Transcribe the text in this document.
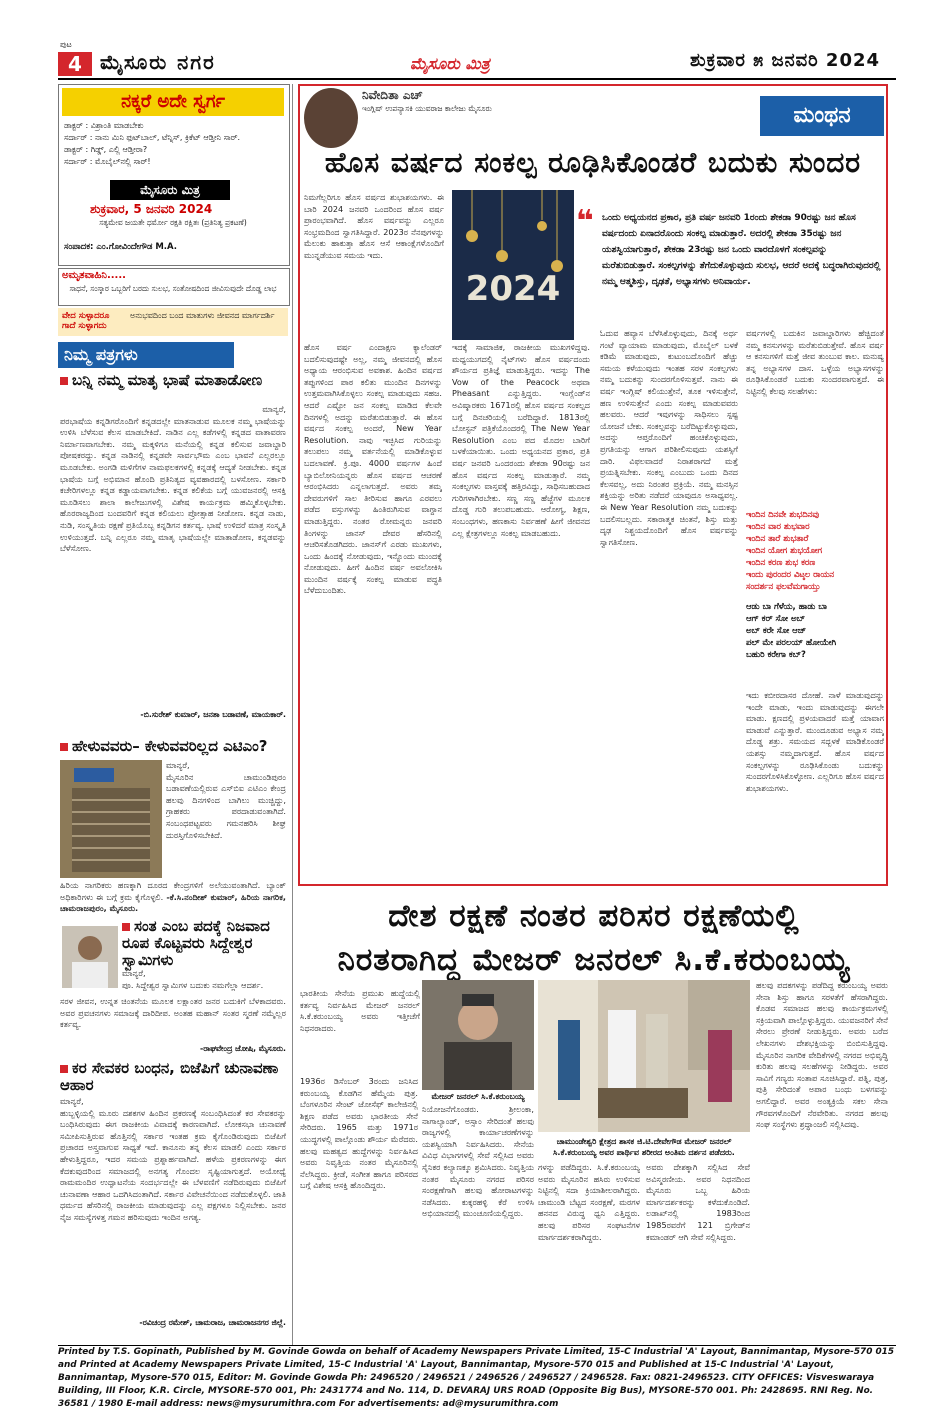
4
ಪುಟ
ಮೈಸೂರು ನಗರ	ಮೈಸೂರು ಮಿತ್ರ	ಶುಕ್ರವಾರ ೫ ಜನವರಿ 2024
ನಕ್ಕರೆ ಅದೇ ಸ್ವರ್ಗ
ಡಾಕ್ಟರ್ : ವಿಶ್ರಾಂತಿ ಮಾಡಬೇಕು
ಸರ್ದಾರ್ : ನಾನು ಮಿನಿ ಫುಟ್‌ಬಾಲ್, ಟೆನ್ನಿಸ್, ಕ್ರಿಕೆಟ್ ಆಡ್ತೀನಿ ಸಾರ್.
ಡಾಕ್ಟರ್ : ಗಿಡ್ಡ್, ಎಲ್ಲಿ ಆಡ್ತೀರಾ?
ಸರ್ದಾರ್ : ಮೊಬೈಲ್‌ನಲ್ಲಿ ಸಾರ್!
ಮೈಸೂರು ಮಿತ್ರ
ಶುಕ್ರವಾರ, 5 ಜನವರಿ 2024
ಸತ್ಯಮೇವ ಜಯತೇ ಧರ್ಮೋ ರಕ್ಷತಿ ರಕ್ಷಿತಃ (ಪ್ರತಿನಿತ್ಯ ಪ್ರಕಟಣೆ)
ಸಂಪಾದಕ: ಎಂ.ಗೋವಿಂದೇಗೌಡ M.A.
ಅಮೃತವಾಹಿನಿ.....
ಸಾಧನೆ, ಸಂಸ್ಕಾರ ಒಬ್ಬರಿಗೆ ಬರದು ಸುಲಭ, ಸಂತೋಷದಿಂದ ಜೀವಿಸುವುದೇ ದೊಡ್ಡ ಲಾಭ
ವೇದ ಸುಳ್ಳಾದರೂ ಗಾದೆ ಸುಳ್ಳಾಗದು
ಅನುಭವದಿಂದ ಬಂದ ಮಾತುಗಳು ಜೀವನದ ಮಾರ್ಗದರ್ಶಿ
ನಿಮ್ಮ ಪತ್ರಗಳು
ಬನ್ನಿ ನಮ್ಮ ಮಾತೃ ಭಾಷೆ ಮಾತಾಡೋಣ
ಮಾನ್ಯರೆ,
ಪರಭಾಷೆಯ ಕನ್ನಡಿಗರೊಂದಿಗೆ ಕನ್ನಡದಲ್ಲೇ ಮಾತನಾಡುವ ಮೂಲಕ ನಮ್ಮ ಭಾಷೆಯನ್ನು ಉಳಿಸಿ ಬೆಳೆಸುವ ಕೆಲಸ ಮಾಡಬೇಕಿದೆ. ನಾಡಿನ ಎಲ್ಲ ಕಡೆಗಳಲ್ಲಿ ಕನ್ನಡದ ವಾತಾವರಣ ನಿರ್ಮಾಣವಾಗಬೇಕು. ನಮ್ಮ ಮಕ್ಕಳಿಗೂ ಮನೆಯಲ್ಲಿ ಕನ್ನಡ ಕಲಿಸುವ ಜವಾಬ್ದಾರಿ ಪೋಷಕರದ್ದು. ಕನ್ನಡ ನಾಡಿನಲ್ಲಿ ಕನ್ನಡವೇ ಸಾರ್ವಭೌಮ ಎಂಬ ಭಾವನೆ ಎಲ್ಲರಲ್ಲೂ ಮೂಡಬೇಕು. ಅಂಗಡಿ ಮಳಿಗೆಗಳ ನಾಮಫಲಕಗಳಲ್ಲಿ ಕನ್ನಡಕ್ಕೆ ಆದ್ಯತೆ ನೀಡಬೇಕು. ಕನ್ನಡ ಭಾಷೆಯ ಬಗ್ಗೆ ಅಭಿಮಾನ ಹೊಂದಿ ಪ್ರತಿನಿತ್ಯದ ವ್ಯವಹಾರದಲ್ಲಿ ಬಳಸೋಣ. ಸರ್ಕಾರಿ ಕಚೇರಿಗಳಲ್ಲೂ ಕನ್ನಡ ಕಡ್ಡಾಯವಾಗಬೇಕು. ಕನ್ನಡ ಕಲಿಕೆಯ ಬಗ್ಗೆ ಯುವಜನರಲ್ಲಿ ಆಸಕ್ತಿ ಮೂಡಿಸಲು ಶಾಲಾ ಕಾಲೇಜುಗಳಲ್ಲಿ ವಿಶೇಷ ಕಾರ್ಯಕ್ರಮ ಹಮ್ಮಿಕೊಳ್ಳಬೇಕು. ಹೊರರಾಜ್ಯದಿಂದ ಬಂದವರಿಗೆ ಕನ್ನಡ ಕಲಿಯಲು ಪ್ರೋತ್ಸಾಹ ನೀಡೋಣ. ಕನ್ನಡ ನಾಡು, ನುಡಿ, ಸಂಸ್ಕೃತಿಯ ರಕ್ಷಣೆ ಪ್ರತಿಯೊಬ್ಬ ಕನ್ನಡಿಗನ ಕರ್ತವ್ಯ. ಭಾಷೆ ಉಳಿದರೆ ಮಾತ್ರ ಸಂಸ್ಕೃತಿ ಉಳಿಯುತ್ತದೆ. ಬನ್ನಿ ಎಲ್ಲರೂ ನಮ್ಮ ಮಾತೃ ಭಾಷೆಯಲ್ಲೇ ಮಾತಾಡೋಣ, ಕನ್ನಡವನ್ನು ಬೆಳೆಸೋಣ.
-ಬಿ.ಸುರೇಶ್‌ ಕುಮಾರ್, ಜನತಾ ಬಡಾವಣೆ, ಮಾಯಕಾರ್.
ಹೇಳುವವರು– ಕೇಳುವವರಿಲ್ಲದ ಎಟಿಎಂ?
ಮಾನ್ಯರೆ,
ಮೈಸೂರಿನ ಚಾಮುಂಡಿಪುರಂ ಬಡಾವಣೆಯಲ್ಲಿರುವ ಎಸ್‌ಬಿಐ ಎಟಿಎಂ ಕೇಂದ್ರ ಹಲವು ದಿನಗಳಿಂದ ಬಾಗಿಲು ಮುಚ್ಚಿದ್ದು, ಗ್ರಾಹಕರು ಪರದಾಡುವಂತಾಗಿದೆ. ಸಂಬಂಧಪಟ್ಟವರು ಗಮನಹರಿಸಿ ಶೀಘ್ರ ದುರಸ್ತಿಗೊಳಿಸಬೇಕಿದೆ.
ಹಿರಿಯ ನಾಗರಿಕರು ಹಣಕ್ಕಾಗಿ ದೂರದ ಕೇಂದ್ರಗಳಿಗೆ ಅಲೆಯುವಂತಾಗಿದೆ. ಬ್ಯಾಂಕ್ ಅಧಿಕಾರಿಗಳು ಈ ಬಗ್ಗೆ ಕ್ರಮ ಕೈಗೊಳ್ಳಲಿ. -ಕೆ.ಸಿ.ನಂದೀಶ್ ಕುಮಾರ್, ಹಿರಿಯ ನಾಗರಿಕ, ಚಾಮರಾಜಪುರಂ, ಮೈಸೂರು.
ಸಂತ ಎಂಬ ಪದಕ್ಕೆ ನಿಜವಾದ ರೂಪ ಕೊಟ್ಟವರು ಸಿದ್ದೇಶ್ವರ ಸ್ವಾಮಿಗಳು
ಮಾನ್ಯರೆ,
ಪೂ. ಸಿದ್ದೇಶ್ವರ ಸ್ವಾಮಿಗಳ ಬದುಕು ನಮಗೆಲ್ಲಾ ಆದರ್ಶ.
ಸರಳ ಜೀವನ, ಉನ್ನತ ಚಿಂತನೆಯ ಮೂಲಕ ಲಕ್ಷಾಂತರ ಜನರ ಬದುಕಿಗೆ ಬೆಳಕಾದವರು. ಅವರ ಪ್ರವಚನಗಳು ಸಮಾಜಕ್ಕೆ ದಾರಿದೀಪ. ಅಂತಹ ಮಹಾನ್ ಸಂತರ ಸ್ಮರಣೆ ನಮ್ಮೆಲ್ಲರ ಕರ್ತವ್ಯ.
-ರಾಘವೇಂದ್ರ ಜೋಷಿ, ಮೈಸೂರು.
ಕರ ಸೇವಕರ ಬಂಧನ, ಬಿಜೆಪಿಗೆ ಚುನಾವಣಾ ಆಹಾರ
ಮಾನ್ಯರೆ,
ಹುಬ್ಬಳ್ಳಿಯಲ್ಲಿ ಮೂರು ದಶಕಗಳ ಹಿಂದಿನ ಪ್ರಕರಣಕ್ಕೆ ಸಂಬಂಧಿಸಿದಂತೆ ಕರ ಸೇವಕರನ್ನು ಬಂಧಿಸಿರುವುದು ಈಗ ರಾಜಕೀಯ ವಿವಾದಕ್ಕೆ ಕಾರಣವಾಗಿದೆ. ಲೋಕಸಭಾ ಚುನಾವಣೆ ಸಮೀಪಿಸುತ್ತಿರುವ ಹೊತ್ತಿನಲ್ಲಿ ಸರ್ಕಾರ ಇಂತಹ ಕ್ರಮ ಕೈಗೊಂಡಿರುವುದು ಬಿಜೆಪಿಗೆ ಪ್ರಚಾರದ ಅಸ್ತ್ರವಾಗುವ ಸಾಧ್ಯತೆ ಇದೆ. ಕಾನೂನು ತನ್ನ ಕೆಲಸ ಮಾಡಲಿ ಎಂದು ಸರ್ಕಾರ ಹೇಳುತ್ತಿದ್ದರೂ, ಇದರ ಸಮಯ ಪ್ರಶ್ನಾರ್ಹವಾಗಿದೆ. ಹಳೆಯ ಪ್ರಕರಣಗಳನ್ನು ಈಗ ಕೆದಕುವುದರಿಂದ ಸಮಾಜದಲ್ಲಿ ಅನಗತ್ಯ ಗೊಂದಲ ಸೃಷ್ಟಿಯಾಗುತ್ತದೆ. ಅಯೋಧ್ಯೆ ರಾಮಮಂದಿರ ಉದ್ಘಾಟನೆಯ ಸಂದರ್ಭದಲ್ಲೇ ಈ ಬೆಳವಣಿಗೆ ನಡೆದಿರುವುದು ಬಿಜೆಪಿಗೆ ಚುನಾವಣಾ ಆಹಾರ ಒದಗಿಸಿದಂತಾಗಿದೆ. ಸರ್ಕಾರ ವಿವೇಚನೆಯಿಂದ ನಡೆದುಕೊಳ್ಳಲಿ. ಜಾತಿ ಧರ್ಮದ ಹೆಸರಿನಲ್ಲಿ ರಾಜಕೀಯ ಮಾಡುವುದನ್ನು ಎಲ್ಲ ಪಕ್ಷಗಳೂ ನಿಲ್ಲಿಸಬೇಕು. ಜನರ ನೈಜ ಸಮಸ್ಯೆಗಳತ್ತ ಗಮನ ಹರಿಸುವುದು ಇಂದಿನ ಅಗತ್ಯ.
-ರವಿಚಂದ್ರ ರಮೇಶ್, ಚಾಮರಾಜ, ಚಾಮರಾಜನಗರ ಜಿಲ್ಲೆ.
ನಿವೇದಿತಾ ಎಚ್
ಇಂಗ್ಲಿಷ್ ಉಪನ್ಯಾಸಕಿ ಯುವರಾಜ ಕಾಲೇಜು ಮೈಸೂರು	ಮಂಥನ
ಹೊಸ ವರ್ಷದ ಸಂಕಲ್ಪ ರೂಢಿಸಿಕೊಂಡರೆ ಬದುಕು ಸುಂದರ
2024
❝ ಒಂದು ಅಧ್ಯಯನದ ಪ್ರಕಾರ, ಪ್ರತಿ ವರ್ಷ ಜನವರಿ 1ರಂದು ಶೇಕಡಾ 90ರಷ್ಟು ಜನ ಹೊಸ ವರ್ಷದಂದು ಏನಾದರೊಂದು ಸಂಕಲ್ಪ ಮಾಡುತ್ತಾರೆ. ಅದರಲ್ಲಿ ಶೇಕಡಾ 35ರಷ್ಟು ಜನ ಯಶಸ್ವಿಯಾಗುತ್ತಾರೆ, ಶೇಕಡಾ 23ರಷ್ಟು ಜನ ಒಂದು ವಾರದೊಳಗೆ ಸಂಕಲ್ಪವನ್ನು ಮರೆತುಬಿಡುತ್ತಾರೆ. ಸಂಕಲ್ಪಗಳನ್ನು ತೆಗೆದುಕೊಳ್ಳುವುದು ಸುಲಭ, ಆದರೆ ಅದಕ್ಕೆ ಬದ್ಧರಾಗಿರುವುದರಲ್ಲಿ ನಮ್ಮ ಆತ್ಮಶಿಸ್ತು, ದೃಢತೆ, ಅಭ್ಯಾಸಗಳು ಅನಿವಾರ್ಯ.
ನಿಮಗೆಲ್ಲರಿಗೂ ಹೊಸ ವರ್ಷದ ಶುಭಾಶಯಗಳು. ಈ ಬಾರಿ 2024 ಜನವರಿ ಒಂದರಿಂದ ಹೊಸ ವರ್ಷ ಪ್ರಾರಂಭವಾಗಿದೆ. ಹೊಸ ವರ್ಷವನ್ನು ಎಲ್ಲರೂ ಸಂಭ್ರಮದಿಂದ ಸ್ವಾಗತಿಸಿದ್ದಾರೆ. 2023ರ ನೆನಪುಗಳನ್ನು ಮೆಲುಕು ಹಾಕುತ್ತಾ ಹೊಸ ಆಸೆ ಆಕಾಂಕ್ಷೆಗಳೊಂದಿಗೆ ಮುನ್ನಡೆಯುವ ಸಮಯ ಇದು.
ಹೊಸ ವರ್ಷ ಎಂದಾಕ್ಷಣ ಕ್ಯಾಲೆಂಡರ್ ಬದಲಿಸುವುದಷ್ಟೇ ಅಲ್ಲ, ನಮ್ಮ ಜೀವನದಲ್ಲಿ ಹೊಸ ಅಧ್ಯಾಯ ಆರಂಭಿಸುವ ಅವಕಾಶ. ಹಿಂದಿನ ವರ್ಷದ ತಪ್ಪುಗಳಿಂದ ಪಾಠ ಕಲಿತು ಮುಂದಿನ ದಿನಗಳನ್ನು ಉತ್ತಮವಾಗಿಸಿಕೊಳ್ಳಲು ಸಂಕಲ್ಪ ಮಾಡುವುದು ಸಹಜ. ಆದರೆ ಎಷ್ಟೋ ಜನ ಸಂಕಲ್ಪ ಮಾಡಿದ ಕೆಲವೇ ದಿನಗಳಲ್ಲಿ ಅದನ್ನು ಮರೆತುಬಿಡುತ್ತಾರೆ. ಈ ಹೊಸ ವರ್ಷದ ಸಂಕಲ್ಪ ಅಂದರೆ, New Year Resolution. ನಾವು ಇಚ್ಛಿಸಿದ ಗುರಿಯನ್ನು ತಲುಪಲು ನಮ್ಮ ವರ್ತನೆಯಲ್ಲಿ ಮಾಡಿಕೊಳ್ಳುವ ಬದಲಾವಣೆ. ಕ್ರಿ.ಪೂ. 4000 ವರ್ಷಗಳ ಹಿಂದೆ ಬ್ಯಾಬಿಲೋನಿಯನ್ನರು ಹೊಸ ವರ್ಷದ ಆಚರಣೆ ಆರಂಭಿಸಿದರು ಎನ್ನಲಾಗುತ್ತದೆ. ಅವರು ತಮ್ಮ ದೇವರುಗಳಿಗೆ ಸಾಲ ತೀರಿಸುವ ಹಾಗೂ ಎರವಲು ಪಡೆದ ವಸ್ತುಗಳನ್ನು ಹಿಂತಿರುಗಿಸುವ ವಾಗ್ದಾನ ಮಾಡುತ್ತಿದ್ದರು. ನಂತರ ರೋಮನ್ನರು ಜನವರಿ ತಿಂಗಳನ್ನು ಜಾನಸ್ ದೇವರ ಹೆಸರಿನಲ್ಲಿ ಆಚರಿಸತೊಡಗಿದರು. ಜಾನಸ್‌ಗೆ ಎರಡು ಮುಖಗಳು, ಒಂದು ಹಿಂದಕ್ಕೆ ನೋಡುವುದು, ಇನ್ನೊಂದು ಮುಂದಕ್ಕೆ ನೋಡುವುದು. ಹೀಗೆ ಹಿಂದಿನ ವರ್ಷ ಅವಲೋಕಿಸಿ ಮುಂದಿನ ವರ್ಷಕ್ಕೆ ಸಂಕಲ್ಪ ಮಾಡುವ ಪದ್ಧತಿ ಬೆಳೆದುಬಂದಿತು.
ಇದಕ್ಕೆ ಸಾಮಾಜಿಕ, ರಾಜಕೀಯ ಮುಖಗಳಿದ್ದವು. ಮಧ್ಯಯುಗದಲ್ಲಿ ನೈಟ್‌ಗಳು ಹೊಸ ವರ್ಷದಂದು ಶೌರ್ಯದ ಪ್ರತಿಜ್ಞೆ ಮಾಡುತ್ತಿದ್ದರು. ಇದನ್ನು The Vow of the Peacock ಅಥವಾ Pheasant ಎನ್ನುತ್ತಿದ್ದರು. ಇಂಗ್ಲೆಂಡ್‌ನ ಅವಿಷ್ಕಾರಕರು 1671ರಲ್ಲಿ ಹೊಸ ವರ್ಷದ ಸಂಕಲ್ಪದ ಬಗ್ಗೆ ದಿನಚರಿಯಲ್ಲಿ ಬರೆದಿದ್ದಾರೆ. 1813ರಲ್ಲಿ ಬೋಸ್ಟನ್ ಪತ್ರಿಕೆಯೊಂದರಲ್ಲಿ The New Year Resolution ಎಂಬ ಪದ ಮೊದಲ ಬಾರಿಗೆ ಬಳಕೆಯಾಯಿತು. ಒಂದು ಅಧ್ಯಯನದ ಪ್ರಕಾರ, ಪ್ರತಿ ವರ್ಷ ಜನವರಿ ಒಂದರಂದು ಶೇಕಡಾ 90ರಷ್ಟು ಜನ ಹೊಸ ವರ್ಷದ ಸಂಕಲ್ಪ ಮಾಡುತ್ತಾರೆ. ನಮ್ಮ ಸಂಕಲ್ಪಗಳು ವಾಸ್ತವಕ್ಕೆ ಹತ್ತಿರವಿದ್ದು, ಸಾಧಿಸಬಹುದಾದ ಗುರಿಗಳಾಗಿರಬೇಕು. ಸಣ್ಣ ಸಣ್ಣ ಹೆಜ್ಜೆಗಳ ಮೂಲಕ ದೊಡ್ಡ ಗುರಿ ತಲುಪಬಹುದು. ಆರೋಗ್ಯ, ಶಿಕ್ಷಣ, ಸಂಬಂಧಗಳು, ಹಣಕಾಸು ನಿರ್ವಹಣೆ ಹೀಗೆ ಜೀವನದ ಎಲ್ಲ ಕ್ಷೇತ್ರಗಳಲ್ಲೂ ಸಂಕಲ್ಪ ಮಾಡಬಹುದು.
ಓದುವ ಹವ್ಯಾಸ ಬೆಳೆಸಿಕೊಳ್ಳುವುದು, ದಿನಕ್ಕೆ ಅರ್ಧ ಗಂಟೆ ವ್ಯಾಯಾಮ ಮಾಡುವುದು, ಮೊಬೈಲ್ ಬಳಕೆ ಕಡಿಮೆ ಮಾಡುವುದು, ಕುಟುಂಬದೊಂದಿಗೆ ಹೆಚ್ಚು ಸಮಯ ಕಳೆಯುವುದು ಇಂತಹ ಸರಳ ಸಂಕಲ್ಪಗಳು ನಮ್ಮ ಬದುಕನ್ನು ಸುಂದರಗೊಳಿಸುತ್ತವೆ. ನಾನು ಈ ವರ್ಷ ಇಂಗ್ಲಿಷ್ ಕಲಿಯುತ್ತೇನೆ, ತೂಕ ಇಳಿಸುತ್ತೇನೆ, ಹಣ ಉಳಿಸುತ್ತೇನೆ ಎಂದು ಸಂಕಲ್ಪ ಮಾಡುವವರು ಹಲವರು. ಆದರೆ ಇವುಗಳನ್ನು ಸಾಧಿಸಲು ಸ್ಪಷ್ಟ ಯೋಜನೆ ಬೇಕು. ಸಂಕಲ್ಪವನ್ನು ಬರೆದಿಟ್ಟುಕೊಳ್ಳುವುದು, ಅದನ್ನು ಆಪ್ತರೊಂದಿಗೆ ಹಂಚಿಕೊಳ್ಳುವುದು, ಪ್ರಗತಿಯನ್ನು ಆಗಾಗ ಪರಿಶೀಲಿಸುವುದು ಯಶಸ್ಸಿಗೆ ದಾರಿ. ವಿಫಲವಾದರೆ ನಿರಾಶರಾಗದೆ ಮತ್ತೆ ಪ್ರಯತ್ನಿಸಬೇಕು. ಸಂಕಲ್ಪ ಎಂಬುದು ಒಂದು ದಿನದ ಕೆಲಸವಲ್ಲ, ಅದು ನಿರಂತರ ಪ್ರಕ್ರಿಯೆ. ನಮ್ಮ ಮನಸ್ಸಿನ ಶಕ್ತಿಯನ್ನು ಅರಿತು ನಡೆದರೆ ಯಾವುದೂ ಅಸಾಧ್ಯವಲ್ಲ. ಈ New Year Resolution ನಮ್ಮ ಬದುಕನ್ನು ಬದಲಿಸಬಲ್ಲದು. ಸಕಾರಾತ್ಮಕ ಚಿಂತನೆ, ಶಿಸ್ತು ಮತ್ತು ದೃಢ ನಿಶ್ಚಯದೊಂದಿಗೆ ಹೊಸ ವರ್ಷವನ್ನು ಸ್ವಾಗತಿಸೋಣ.
ವರ್ಷಗಳಲ್ಲಿ ಬದುಕಿನ ಜವಾಬ್ದಾರಿಗಳು ಹೆಚ್ಚಿದಂತೆ ನಮ್ಮ ಕನಸುಗಳನ್ನು ಮರೆತುಬಿಡುತ್ತೇವೆ. ಹೊಸ ವರ್ಷ ಆ ಕನಸುಗಳಿಗೆ ಮತ್ತೆ ಜೀವ ತುಂಬುವ ಕಾಲ. ಮನುಷ್ಯ ತನ್ನ ಅಭ್ಯಾಸಗಳ ದಾಸ. ಒಳ್ಳೆಯ ಅಭ್ಯಾಸಗಳನ್ನು ರೂಢಿಸಿಕೊಂಡರೆ ಬದುಕು ಸುಂದರವಾಗುತ್ತದೆ. ಈ ನಿಟ್ಟಿನಲ್ಲಿ ಕೆಲವು ಸಲಹೆಗಳು:
ಇಂದಿನ ದಿನವೇ ಶುಭದಿನವು
ಇಂದಿನ ವಾರ ಶುಭವಾರ
ಇಂದಿನ ತಾರೆ ಶುಭತಾರೆ
ಇಂದಿನ ಯೋಗ ಶುಭಯೋಗ
ಇಂದಿನ ಕರಣ ಶುಭ ಕರಣ
ಇಂದು ಪುರಂದರ ವಿಟ್ಠಲ ರಾಯನ
ಸಂದರ್ಶನ ಫಲವೆಮಗಾಯ್ತು
ಆಡು ಬಾ ಗೆಳೆಯ, ಹಾಡು ಬಾ
ಆಗ್ ಕರ್ ಸೋ ಅಬ್
ಅಬ್ ಕರೇ ಸೋ ಆಜ್
ಪಲ್ ಮೇ ಪರಲಯ್ ಹೋಯೇಗಿ
ಬಹುರಿ ಕರೇಗಾ ಕಬ್?
ಇದು ಕಬೀರದಾಸರ ದೋಹೆ. ನಾಳೆ ಮಾಡುವುದನ್ನು ಇಂದೇ ಮಾಡು, ಇಂದು ಮಾಡುವುದನ್ನು ಈಗಲೇ ಮಾಡು. ಕ್ಷಣದಲ್ಲಿ ಪ್ರಳಯವಾದರೆ ಮತ್ತೆ ಯಾವಾಗ ಮಾಡುವೆ ಎನ್ನುತ್ತಾರೆ. ಮುಂದೂಡುವ ಅಭ್ಯಾಸ ನಮ್ಮ ದೊಡ್ಡ ಶತ್ರು. ಸಮಯದ ಸದ್ಬಳಕೆ ಮಾಡಿಕೊಂಡರೆ ಯಶಸ್ಸು ನಮ್ಮದಾಗುತ್ತದೆ. ಹೊಸ ವರ್ಷದ ಸಂಕಲ್ಪಗಳನ್ನು ರೂಢಿಸಿಕೊಂಡು ಬದುಕನ್ನು ಸುಂದರಗೊಳಿಸಿಕೊಳ್ಳೋಣ. ಎಲ್ಲರಿಗೂ ಹೊಸ ವರ್ಷದ ಶುಭಾಶಯಗಳು.
ದೇಶ ರಕ್ಷಣೆ ನಂತರ ಪರಿಸರ ರಕ್ಷಣೆಯಲ್ಲಿ
ನಿರತರಾಗಿದ್ದ ಮೇಜರ್ ಜನರಲ್ ಸಿ.ಕೆ.ಕರುಂಬಯ್ಯ
ಭಾರತೀಯ ಸೇನೆಯ ಪ್ರಮುಖ ಹುದ್ದೆಯಲ್ಲಿ ಕರ್ತವ್ಯ ನಿರ್ವಹಿಸಿದ ಮೇಜರ್ ಜನರಲ್ ಸಿ.ಕೆ.ಕರುಂಬಯ್ಯ ಅವರು ಇತ್ತೀಚೆಗೆ ನಿಧನರಾದರು.
ಮೇಜರ್ ಜನರಲ್ ಸಿ.ಕೆ.ಕರುಂಬಯ್ಯ
ಚಾಮುಂಡೇಶ್ವರಿ ಕ್ಷೇತ್ರದ ಶಾಸಕ ಜಿ.ಟಿ.ದೇವೇಗೌಡ ಮೇಜರ್ ಜನರಲ್ ಸಿ.ಕೆ.ಕರುಂಬಯ್ಯ ಅವರ ಪಾರ್ಥಿವ ಶರೀರದ ಅಂತಿಮ ದರ್ಶನ ಪಡೆದರು.
1936ರ ಡಿಸೆಂಬರ್ 3ರಂದು ಜನಿಸಿದ ಕರುಂಬಯ್ಯ ಕೊಡಗಿನ ಹೆಮ್ಮೆಯ ಪುತ್ರ. ಬೆಂಗಳೂರಿನ ಸೇಂಟ್ ಜೋಸೆಫ್ ಕಾಲೇಜಿನಲ್ಲಿ ಶಿಕ್ಷಣ ಪಡೆದ ಅವರು ಭಾರತೀಯ ಸೇನೆ ಸೇರಿದರು. 1965 ಮತ್ತು 1971ರ ಯುದ್ಧಗಳಲ್ಲಿ ಪಾಲ್ಗೊಂಡು ಶೌರ್ಯ ಮೆರೆದರು. ಹಲವು ಮಹತ್ವದ ಹುದ್ದೆಗಳನ್ನು ನಿರ್ವಹಿಸಿದ ಅವರು ನಿವೃತ್ತಿಯ ನಂತರ ಮೈಸೂರಿನಲ್ಲಿ ನೆಲೆಸಿದ್ದರು. ಕ್ರೀಡೆ, ಸಂಗೀತ ಹಾಗೂ ಪರಿಸರದ ಬಗ್ಗೆ ವಿಶೇಷ ಆಸಕ್ತಿ ಹೊಂದಿದ್ದರು.
ನಿಯೋಜನೆಗೊಂಡರು. ಶ್ರೀಲಂಕಾ, ನಾಗಾಲ್ಯಾಂಡ್, ಅಸ್ಸಾಂ ಸೇರಿದಂತೆ ಹಲವು ರಾಜ್ಯಗಳಲ್ಲಿ ಕಾರ್ಯಾಚರಣೆಗಳನ್ನು ಯಶಸ್ವಿಯಾಗಿ ನಿರ್ವಹಿಸಿದರು. ಸೇನೆಯ ವಿವಿಧ ವಿಭಾಗಗಳಲ್ಲಿ ಸೇವೆ ಸಲ್ಲಿಸಿದ ಅವರು ಸೈನಿಕರ ಕಲ್ಯಾಣಕ್ಕೂ ಶ್ರಮಿಸಿದರು. ನಿವೃತ್ತಿಯ ನಂತರ ಮೈಸೂರು ನಗರದ ಪರಿಸರ ಸಂರಕ್ಷಣೆಗಾಗಿ ಹಲವು ಹೋರಾಟಗಳನ್ನು ನಡೆಸಿದರು. ಕುಕ್ಕರಹಳ್ಳಿ ಕೆರೆ ಉಳಿಸಿ ಅಭಿಯಾನದಲ್ಲಿ ಮುಂಚೂಣಿಯಲ್ಲಿದ್ದರು.
ಗಳನ್ನು ಪಡೆದಿದ್ದರು. ಸಿ.ಕೆ.ಕರುಂಬಯ್ಯ ಅವರು ಮೈಸೂರಿನ ಹಸಿರು ಉಳಿಸುವ ನಿಟ್ಟಿನಲ್ಲಿ ಸದಾ ಕ್ರಿಯಾಶೀಲರಾಗಿದ್ದರು. ಚಾಮುಂಡಿ ಬೆಟ್ಟದ ಸಂರಕ್ಷಣೆ, ಮರಗಳ ಹನನದ ವಿರುದ್ಧ ಧ್ವನಿ ಎತ್ತಿದ್ದರು. ಹಲವು ಪರಿಸರ ಸಂಘಟನೆಗಳ ಮಾರ್ಗದರ್ಶಕರಾಗಿದ್ದರು.
ಅವರು ದೇಶಕ್ಕಾಗಿ ಸಲ್ಲಿಸಿದ ಸೇವೆ ಅವಿಸ್ಮರಣೀಯ. ಅವರ ನಿಧನದಿಂದ ಮೈಸೂರು ಒಬ್ಬ ಹಿರಿಯ ಮಾರ್ಗದರ್ಶಕರನ್ನು ಕಳೆದುಕೊಂಡಿದೆ. ಲಡಾಖ್‌ನಲ್ಲಿ 1983ರಿಂದ 1985ರವರೆಗೆ 121 ಬ್ರಿಗೇಡ್‌ನ ಕಮಾಂಡರ್ ಆಗಿ ಸೇವೆ ಸಲ್ಲಿಸಿದ್ದರು.
ಹಲವು ಪದಕಗಳನ್ನು ಪಡೆದಿದ್ದ ಕರುಂಬಯ್ಯ ಅವರು ಸೇನಾ ಶಿಸ್ತು ಹಾಗೂ ಸರಳತೆಗೆ ಹೆಸರಾಗಿದ್ದರು. ಕೊಡವ ಸಮಾಜದ ಹಲವು ಕಾರ್ಯಕ್ರಮಗಳಲ್ಲಿ ಸಕ್ರಿಯವಾಗಿ ಪಾಲ್ಗೊಳ್ಳುತ್ತಿದ್ದರು. ಯುವಜನರಿಗೆ ಸೇನೆ ಸೇರಲು ಪ್ರೇರಣೆ ನೀಡುತ್ತಿದ್ದರು. ಅವರು ಬರೆದ ಲೇಖನಗಳು ದೇಶಭಕ್ತಿಯನ್ನು ಬಿಂಬಿಸುತ್ತಿದ್ದವು. ಮೈಸೂರಿನ ನಾಗರಿಕ ವೇದಿಕೆಗಳಲ್ಲಿ ನಗರದ ಅಭಿವೃದ್ಧಿ ಕುರಿತು ಹಲವು ಸಲಹೆಗಳನ್ನು ನೀಡಿದ್ದರು. ಅವರ ಸಾವಿಗೆ ಗಣ್ಯರು ಸಂತಾಪ ಸೂಚಿಸಿದ್ದಾರೆ. ಪತ್ನಿ, ಪುತ್ರ, ಪುತ್ರಿ ಸೇರಿದಂತೆ ಅಪಾರ ಬಂಧು ಬಳಗವನ್ನು ಅಗಲಿದ್ದಾರೆ. ಅವರ ಅಂತ್ಯಕ್ರಿಯೆ ಸಕಲ ಸೇನಾ ಗೌರವಗಳೊಂದಿಗೆ ನೆರವೇರಿತು. ನಗರದ ಹಲವು ಸಂಘ ಸಂಸ್ಥೆಗಳು ಶ್ರದ್ಧಾಂಜಲಿ ಸಲ್ಲಿಸಿದವು.
Printed by T.S. Gopinath, Published by M. Govinde Gowda on behalf of Academy Newspapers Private Limited, 15-C Industrial 'A' Layout, Bannimantap, Mysore-570 015 and Printed at Academy Newspapers Private Limited, 15-C Industrial 'A' Layout, Bannimantap, Mysore-570 015 and Published at 15-C Industrial 'A' Layout, Bannimantap, Mysore-570 015, Editor: M. Govinde Gowda Ph: 2496520 / 2496521 / 2496526 / 2496527 / 2496528. Fax: 0821-2496523. CITY OFFICES: Visveswaraya Building, III Floor, K.R. Circle, MYSORE-570 001, Ph: 2431774 and No. 114, D. DEVARAJ URS ROAD (Opposite Big Bus), MYSORE-570 001. Ph: 2428695. RNI Reg. No. 36581 / 1980 E-mail address: news@mysurumithra.com For advertisements: ad@mysurumithra.com
